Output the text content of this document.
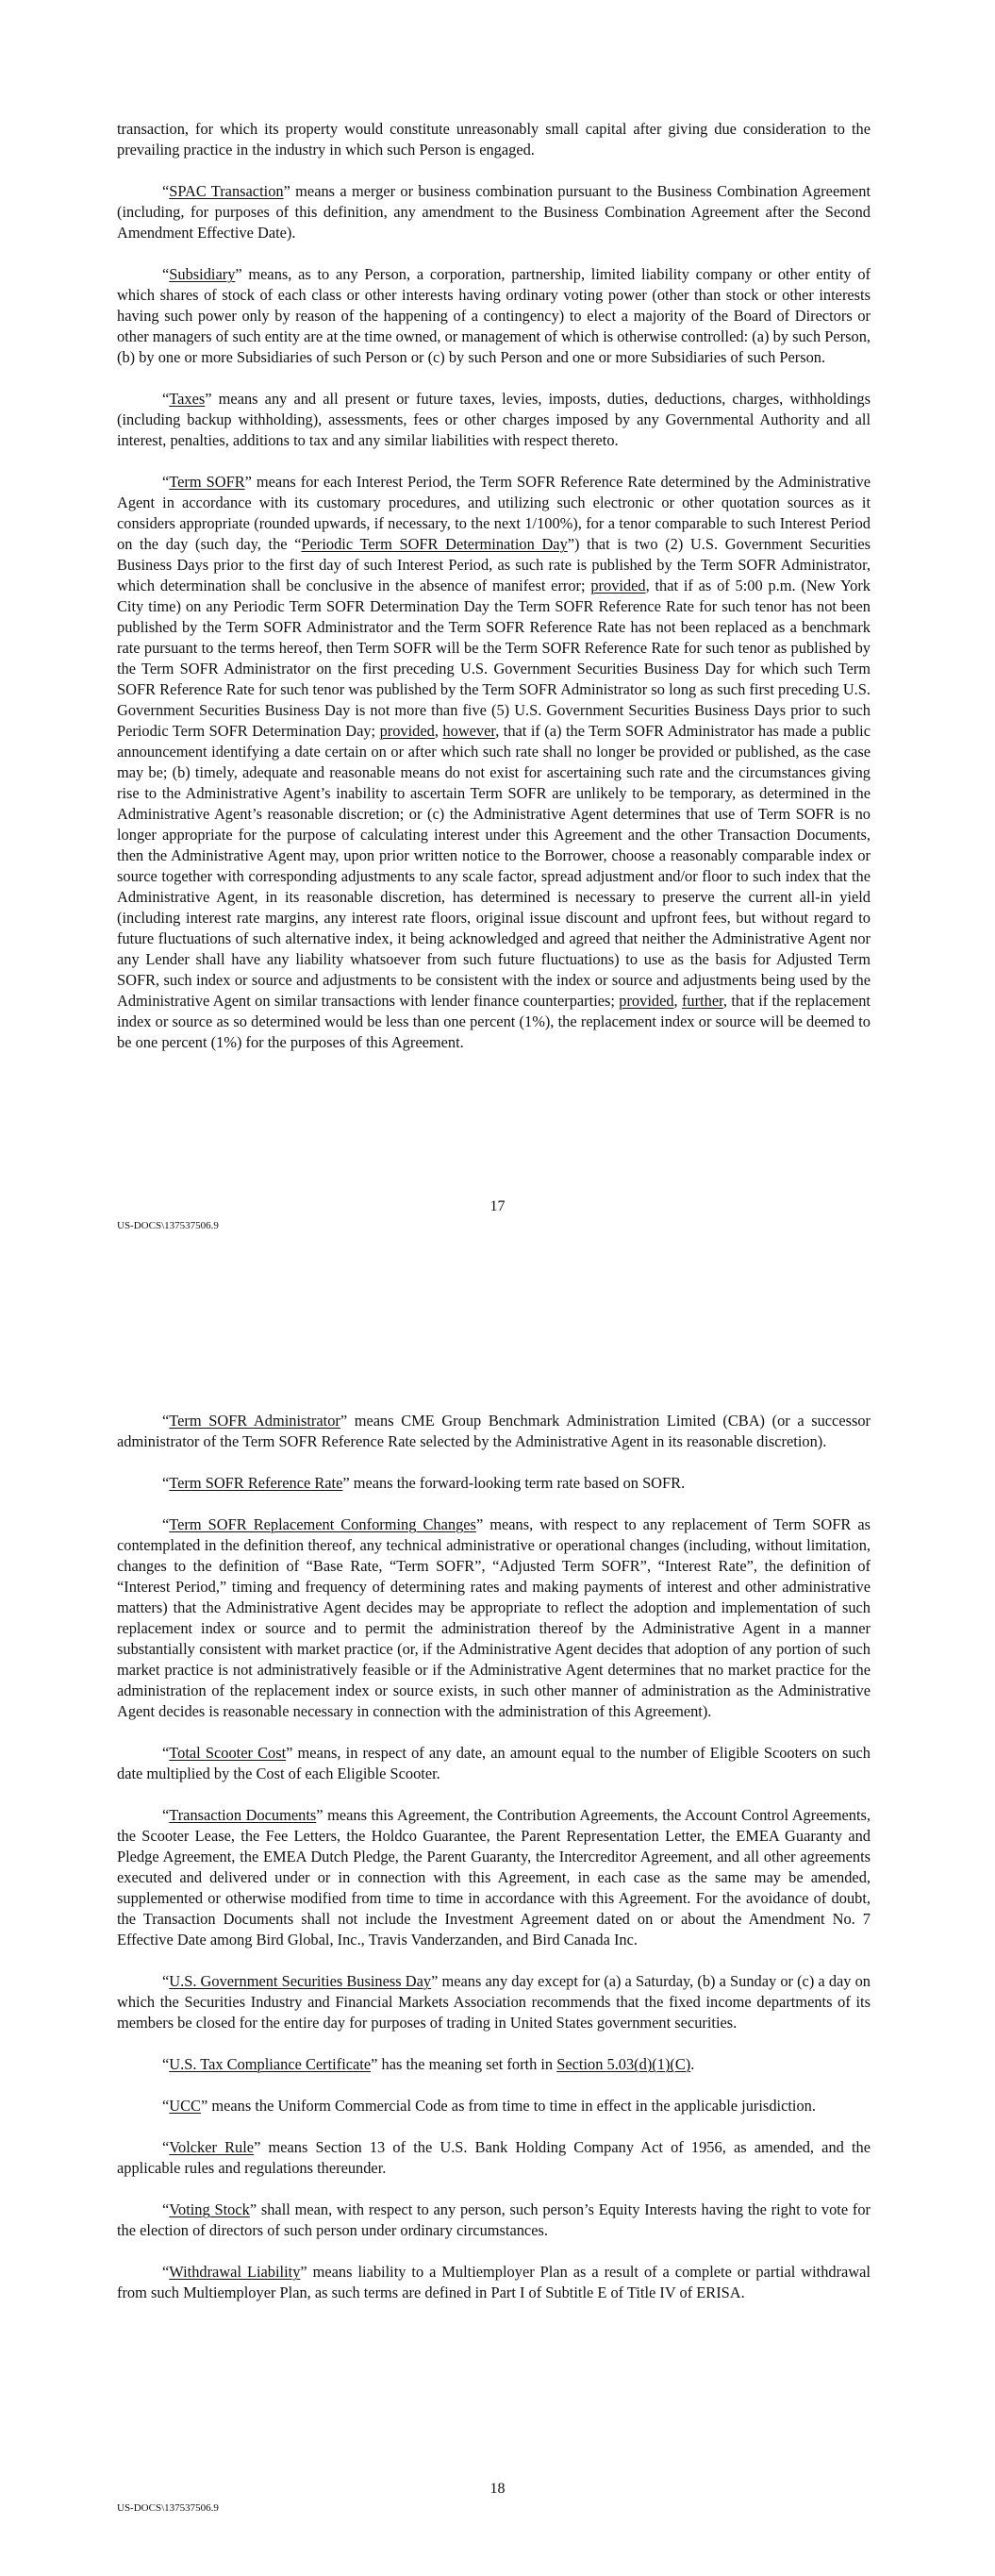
transaction, for which its property would constitute unreasonably small capital after giving due consideration to the prevailing practice in the industry in which such Person is engaged.

“SPAC Transaction” means a merger or business combination pursuant to the Business Combination Agreement (including, for purposes of this definition, any amendment to the Business Combination Agreement after the Second Amendment Effective Date).

“Subsidiary” means, as to any Person, a corporation, partnership, limited liability company or other entity of which shares of stock of each class or other interests having ordinary voting power (other than stock or other interests having such power only by reason of the happening of a contingency) to elect a majority of the Board of Directors or other managers of such entity are at the time owned, or management of which is otherwise controlled: (a) by such Person, (b) by one or more Subsidiaries of such Person or (c) by such Person and one or more Subsidiaries of such Person.

“Taxes” means any and all present or future taxes, levies, imposts, duties, deductions, charges, withholdings (including backup withholding), assessments, fees or other charges imposed by any Governmental Authority and all interest, penalties, additions to tax and any similar liabilities with respect thereto.

“Term SOFR” means for each Interest Period, the Term SOFR Reference Rate determined by the Administrative Agent in accordance with its customary procedures, and utilizing such electronic or other quotation sources as it considers appropriate (rounded upwards, if necessary, to the next 1/100%), for a tenor comparable to such Interest Period on the day (such day, the “Periodic Term SOFR Determination Day”) that is two (2) U.S. Government Securities Business Days prior to the first day of such Interest Period, as such rate is published by the Term SOFR Administrator, which determination shall be conclusive in the absence of manifest error; provided, that if as of 5:00 p.m. (New York City time) on any Periodic Term SOFR Determination Day the Term SOFR Reference Rate for such tenor has not been published by the Term SOFR Administrator and the Term SOFR Reference Rate has not been replaced as a benchmark rate pursuant to the terms hereof, then Term SOFR will be the Term SOFR Reference Rate for such tenor as published by the Term SOFR Administrator on the first preceding U.S. Government Securities Business Day for which such Term SOFR Reference Rate for such tenor was published by the Term SOFR Administrator so long as such first preceding U.S. Government Securities Business Day is not more than five (5) U.S. Government Securities Business Days prior to such Periodic Term SOFR Determination Day; provided, however, that if (a) the Term SOFR Administrator has made a public announcement identifying a date certain on or after which such rate shall no longer be provided or published, as the case may be; (b) timely, adequate and reasonable means do not exist for ascertaining such rate and the circumstances giving rise to the Administrative Agent’s inability to ascertain Term SOFR are unlikely to be temporary, as determined in the Administrative Agent’s reasonable discretion; or (c) the Administrative Agent determines that use of Term SOFR is no longer appropriate for the purpose of calculating interest under this Agreement and the other Transaction Documents, then the Administrative Agent may, upon prior written notice to the Borrower, choose a reasonably comparable index or source together with corresponding adjustments to any scale factor, spread adjustment and/or floor to such index that the Administrative Agent, in its reasonable discretion, has determined is necessary to preserve the current all-in yield (including interest rate margins, any interest rate floors, original issue discount and upfront fees, but without regard to future fluctuations of such alternative index, it being acknowledged and agreed that neither the Administrative Agent nor any Lender shall have any liability whatsoever from such future fluctuations) to use as the basis for Adjusted Term SOFR, such index or source and adjustments to be consistent with the index or source and adjustments being used by the Administrative Agent on similar transactions with lender finance counterparties; provided, further, that if the replacement index or source as so determined would be less than one percent (1%), the replacement index or source will be deemed to be one percent (1%) for the purposes of this Agreement.

17
US-DOCS\137537506.9

“Term SOFR Administrator” means CME Group Benchmark Administration Limited (CBA) (or a successor administrator of the Term SOFR Reference Rate selected by the Administrative Agent in its reasonable discretion).

“Term SOFR Reference Rate” means the forward-looking term rate based on SOFR.

“Term SOFR Replacement Conforming Changes” means, with respect to any replacement of Term SOFR as contemplated in the definition thereof, any technical administrative or operational changes (including, without limitation, changes to the definition of “Base Rate, “Term SOFR”, “Adjusted Term SOFR”, “Interest Rate”, the definition of “Interest Period,” timing and frequency of determining rates and making payments of interest and other administrative matters) that the Administrative Agent decides may be appropriate to reflect the adoption and implementation of such replacement index or source and to permit the administration thereof by the Administrative Agent in a manner substantially consistent with market practice (or, if the Administrative Agent decides that adoption of any portion of such market practice is not administratively feasible or if the Administrative Agent determines that no market practice for the administration of the replacement index or source exists, in such other manner of administration as the Administrative Agent decides is reasonable necessary in connection with the administration of this Agreement).

“Total Scooter Cost” means, in respect of any date, an amount equal to the number of Eligible Scooters on such date multiplied by the Cost of each Eligible Scooter.

“Transaction Documents” means this Agreement, the Contribution Agreements, the Account Control Agreements, the Scooter Lease, the Fee Letters, the Holdco Guarantee, the Parent Representation Letter, the EMEA Guaranty and Pledge Agreement, the EMEA Dutch Pledge, the Parent Guaranty, the Intercreditor Agreement, and all other agreements executed and delivered under or in connection with this Agreement, in each case as the same may be amended, supplemented or otherwise modified from time to time in accordance with this Agreement. For the avoidance of doubt, the Transaction Documents shall not include the Investment Agreement dated on or about the Amendment No. 7 Effective Date among Bird Global, Inc., Travis Vanderzanden, and Bird Canada Inc.

“U.S. Government Securities Business Day” means any day except for (a) a Saturday, (b) a Sunday or (c) a day on which the Securities Industry and Financial Markets Association recommends that the fixed income departments of its members be closed for the entire day for purposes of trading in United States government securities.

“U.S. Tax Compliance Certificate” has the meaning set forth in Section 5.03(d)(1)(C).

“UCC” means the Uniform Commercial Code as from time to time in effect in the applicable jurisdiction.

“Volcker Rule” means Section 13 of the U.S. Bank Holding Company Act of 1956, as amended, and the applicable rules and regulations thereunder.

“Voting Stock” shall mean, with respect to any person, such person’s Equity Interests having the right to vote for the election of directors of such person under ordinary circumstances.

“Withdrawal Liability” means liability to a Multiemployer Plan as a result of a complete or partial withdrawal from such Multiemployer Plan, as such terms are defined in Part I of Subtitle E of Title IV of ERISA.

18
US-DOCS\137537506.9
